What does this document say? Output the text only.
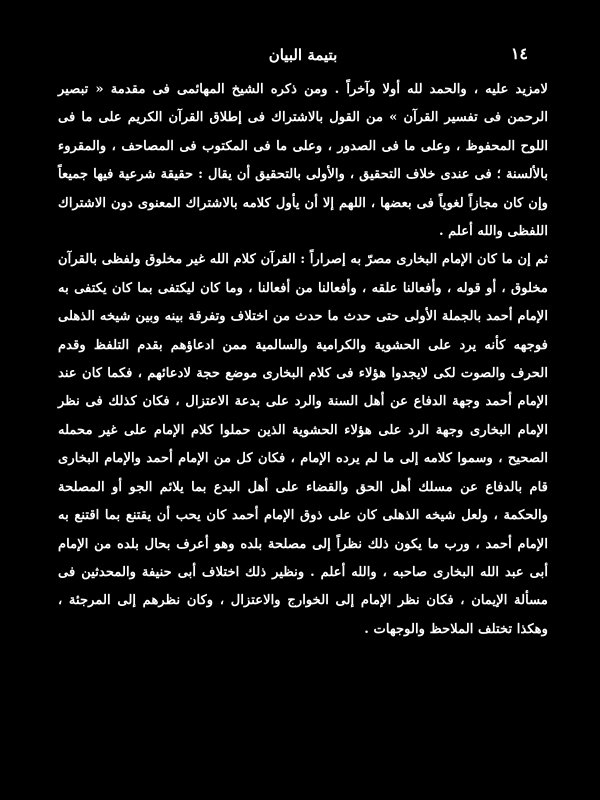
١٤
بتيمة البيان

لامزيد عليه ، والحمد لله أولا وآخراً . ومن ذكره الشيخ المهائمى فى مقدمة « تبصير الرحمن فى تفسير القرآن » من القول بالاشتراك فى إطلاق القرآن الكريم على ما فى اللوح المحفوظ ، وعلى ما فى الصدور ، وعلى ما فى المكتوب فى المصاحف ، والمقروء بالألسنة ؛ فى عندى خلاف التحقيق ، والأولى بالتحقيق أن يقال : حقيقة شرعية فيها جميعاً وإن كان مجازاً لغوياً فى بعضها ، اللهم إلا أن يأول كلامه بالاشتراك المعنوى دون الاشتراك اللفظى والله أعلم .

ثم إن ما كان الإمام البخارى مصرّ به إصراراً : القرآن كلام الله غير مخلوق ولفظى بالقرآن مخلوق ، أو قوله ، وأفعالنا علقه ، وأفعالنا من أفعالنا ، وما كان ليكتفى بما كان يكتفى به الإمام أحمد بالجملة الأولى حتى حدث ما حدث من اختلاف وتفرقة بينه وبين شيخه الذهلى فوجهه كأنه يرد على الحشوية والكرامية والسالمية ممن ادعاؤهم بقدم التلفظ وقدم الحرف والصوت لكى لايجدوا هؤلاء فى كلام البخارى موضع حجة لادعائهم ، فكما كان عند الإمام أحمد وجهة الدفاع عن أهل السنة والرد على بدعة الاعتزال ، فكان كذلك فى نظر الإمام البخارى وجهة الرد على هؤلاء الحشوية الذين حملوا كلام الإمام على غير محمله الصحيح ، وسموا كلامه إلى ما لم يرده الإمام ، فكان كل من الإمام أحمد والإمام البخارى قام بالدفاع عن مسلك أهل الحق والقضاء على أهل البدع بما يلائم الجو أو المصلحة والحكمة ، ولعل شيخه الذهلى كان على ذوق الإمام أحمد كان يحب أن يقتنع بما اقتنع به الإمام أحمد ، ورب ما يكون ذلك نظراً إلى مصلحة بلده وهو أعرف بحال بلده من الإمام أبى عبد الله البخارى صاحبه ، والله أعلم . ونظير ذلك اختلاف أبى حنيفة والمحدثين فى مسألة الإيمان ، فكان نظر الإمام إلى الخوارج والاعتزال ، وكان نظرهم إلى المرجئة ، وهكذا تختلف الملاحظ والوجهات .
